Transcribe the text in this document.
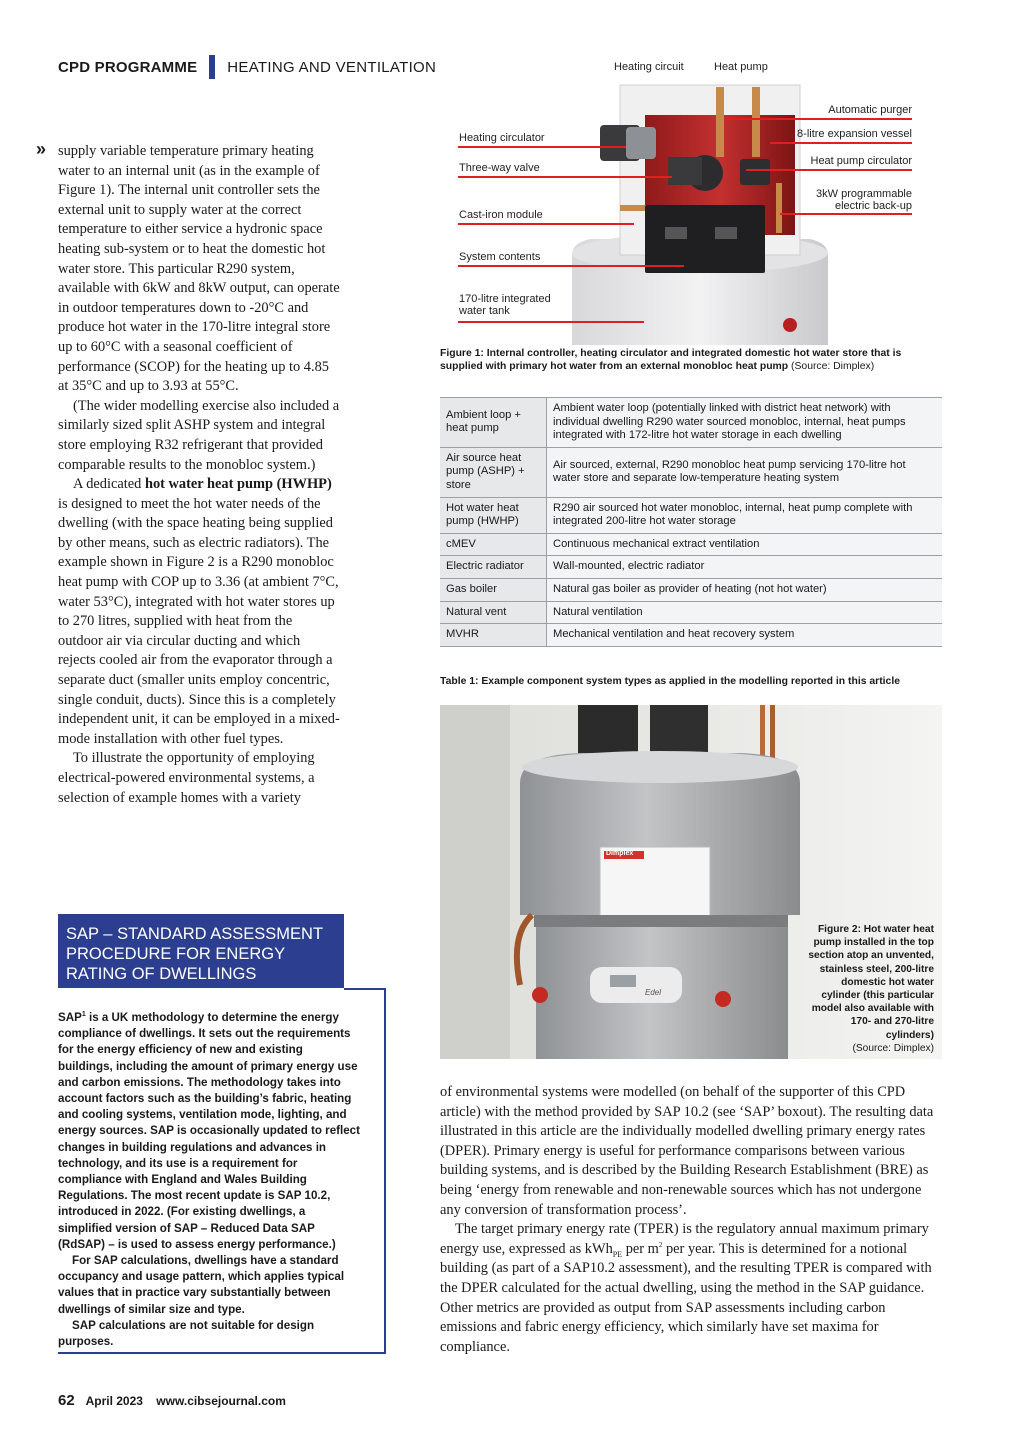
CPD PROGRAMME HEATING AND VENTILATION
» supply variable temperature primary heating water to an internal unit (as in the example of Figure 1). The internal unit controller sets the external unit to supply water at the correct temperature to either service a hydronic space heating sub-system or to heat the domestic hot water store. This particular R290 system, available with 6kW and 8kW output, can operate in outdoor temperatures down to -20°C and produce hot water in the 170-litre integral store up to 60°C with a seasonal coefficient of performance (SCOP) for the heating up to 4.85 at 35°C and up to 3.93 at 55°C.

(The wider modelling exercise also included a similarly sized split ASHP system and integral store employing R32 refrigerant that provided comparable results to the monobloc system.)

A dedicated hot water heat pump (HWHP) is designed to meet the hot water needs of the dwelling (with the space heating being supplied by other means, such as electric radiators). The example shown in Figure 2 is a R290 monobloc heat pump with COP up to 3.36 (at ambient 7°C, water 53°C), integrated with hot water stores up to 270 litres, supplied with heat from the outdoor air via circular ducting and which rejects cooled air from the evaporator through a separate duct (smaller units employ concentric, single conduit, ducts). Since this is a completely independent unit, it can be employed in a mixed-mode installation with other fuel types.

To illustrate the opportunity of employing electrical-powered environmental systems, a selection of example homes with a variety

SAP – STANDARD ASSESSMENT
PROCEDURE FOR ENERGY
RATING OF DWELLINGS

SAP$^1$ is a UK methodology to determine the energy compliance of dwellings. It sets out the requirements for the energy efficiency of new and existing buildings, including the amount of primary energy use and carbon emissions. The methodology takes into account factors such as the building’s fabric, heating and cooling systems, ventilation mode, lighting, and energy sources. SAP is occasionally updated to reflect changes in building regulations and advances in technology, and its use is a requirement for compliance with England and Wales Building Regulations. The most recent update is SAP 10.2, introduced in 2022. (For existing dwellings, a simplified version of SAP – Reduced Data SAP (RdSAP) – is used to assess energy performance.)

For SAP calculations, dwellings have a standard occupancy and usage pattern, which applies typical values that in practice vary substantially between dwellings of similar size and type.

SAP calculations are not suitable for design purposes.

62 April 2023 www.cibsejournal.com
Heating circuit	Heat pump
Heating circulator
Three-way valve
Cast-iron module
System contents
170-litre integrated
water tank
Automatic purger
8-litre expansion vessel
Heat pump circulator
3kW programmable
electric back-up
Figure 1: Internal controller, heating circulator and integrated domestic hot water store that is supplied with primary hot water from an external monobloc heat pump (Source: Dimplex)
Ambient loop + heat pump	Ambient water loop (potentially linked with district heat network) with individual dwelling R290 water sourced monobloc, internal, heat pumps integrated with 172-litre hot water storage in each dwelling
Air source heat pump (ASHP) + store	Air sourced, external, R290 monobloc heat pump servicing 170-litre hot water store and separate low-temperature heating system
Hot water heat pump (HWHP)	R290 air sourced hot water monobloc, internal, heat pump complete with integrated 200-litre hot water storage
cMEV	Continuous mechanical extract ventilation
Electric radiator	Wall-mounted, electric radiator
Gas boiler	Natural gas boiler as provider of heating (not hot water)
Natural vent	Natural ventilation
MVHR	Mechanical ventilation and heat recovery system
Table 1: Example component system types as applied in the modelling reported in this article
Dimplex
Edel
Figure 2: Hot water heat pump installed in the top section atop an unvented, stainless steel, 200-litre domestic hot water cylinder (this particular model also available with 170- and 270-litre cylinders)
(Source: Dimplex)

of environmental systems were modelled (on behalf of the supporter of this CPD article) with the method provided by SAP 10.2 (see ‘SAP’ boxout). The resulting data illustrated in this article are the individually modelled dwelling primary energy rates (DPER). Primary energy is useful for performance comparisons between various building systems, and is described by the Building Research Establishment (BRE) as being ‘energy from renewable and non-renewable sources which has not undergone any conversion of transformation process’.

The target primary energy rate (TPER) is the regulatory annual maximum primary energy use, expressed as kWh$_{PE}$ per $m^2$ per year. This is determined for a notional building (as part of a SAP10.2 assessment), and the resulting TPER is compared with the DPER calculated for the actual dwelling, using the method in the SAP guidance. Other metrics are provided as output from SAP assessments including carbon emissions and fabric energy efficiency, which similarly have set maxima for compliance.
